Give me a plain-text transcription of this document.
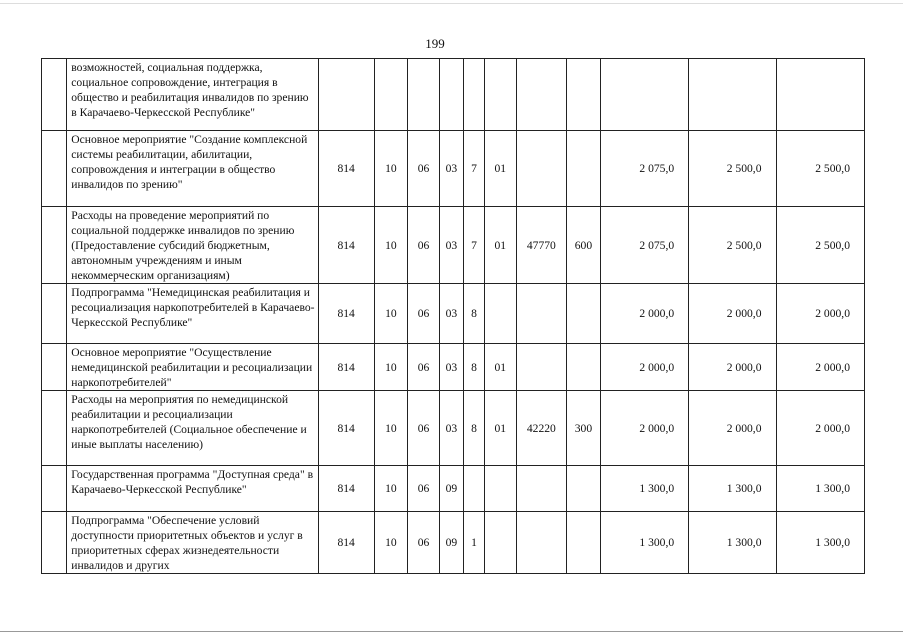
199
	возможностей, социальная поддержка, социальное сопровождение, интеграция в общество и реабилитация инвалидов по зрению в Карачаево-Черкесской Республике"											
	Основное мероприятие "Создание комплексной системы реабилитации, абилитации, сопровождения и интеграции в общество инвалидов по зрению"	814	10	06	03	7	01			2 075,0	2 500,0	2 500,0
	Расходы на проведение мероприятий по социальной поддержке инвалидов по зрению (Предоставление субсидий бюджетным, автономным учреждениям и иным некоммерческим организациям)	814	10	06	03	7	01	47770	600	2 075,0	2 500,0	2 500,0
	Подпрограмма "Немедицинская реабилитация и ресоциализация наркопотребителей в Карачаево-Черкесской Республике"	814	10	06	03	8				2 000,0	2 000,0	2 000,0
	Основное мероприятие "Осуществление немедицинской реабилитации и ресоциализации наркопотребителей"	814	10	06	03	8	01			2 000,0	2 000,0	2 000,0
	Расходы на мероприятия по немедицинской реабилитации и ресоциализации наркопотребителей (Социальное обеспечение и иные выплаты населению)	814	10	06	03	8	01	42220	300	2 000,0	2 000,0	2 000,0
	Государственная программа "Доступная среда" в Карачаево-Черкесской Республике"	814	10	06	09					1 300,0	1 300,0	1 300,0
	Подпрограмма "Обеспечение условий доступности приоритетных объектов и услуг в приоритетных сферах жизнедеятельности инвалидов и других	814	10	06	09	1				1 300,0	1 300,0	1 300,0
